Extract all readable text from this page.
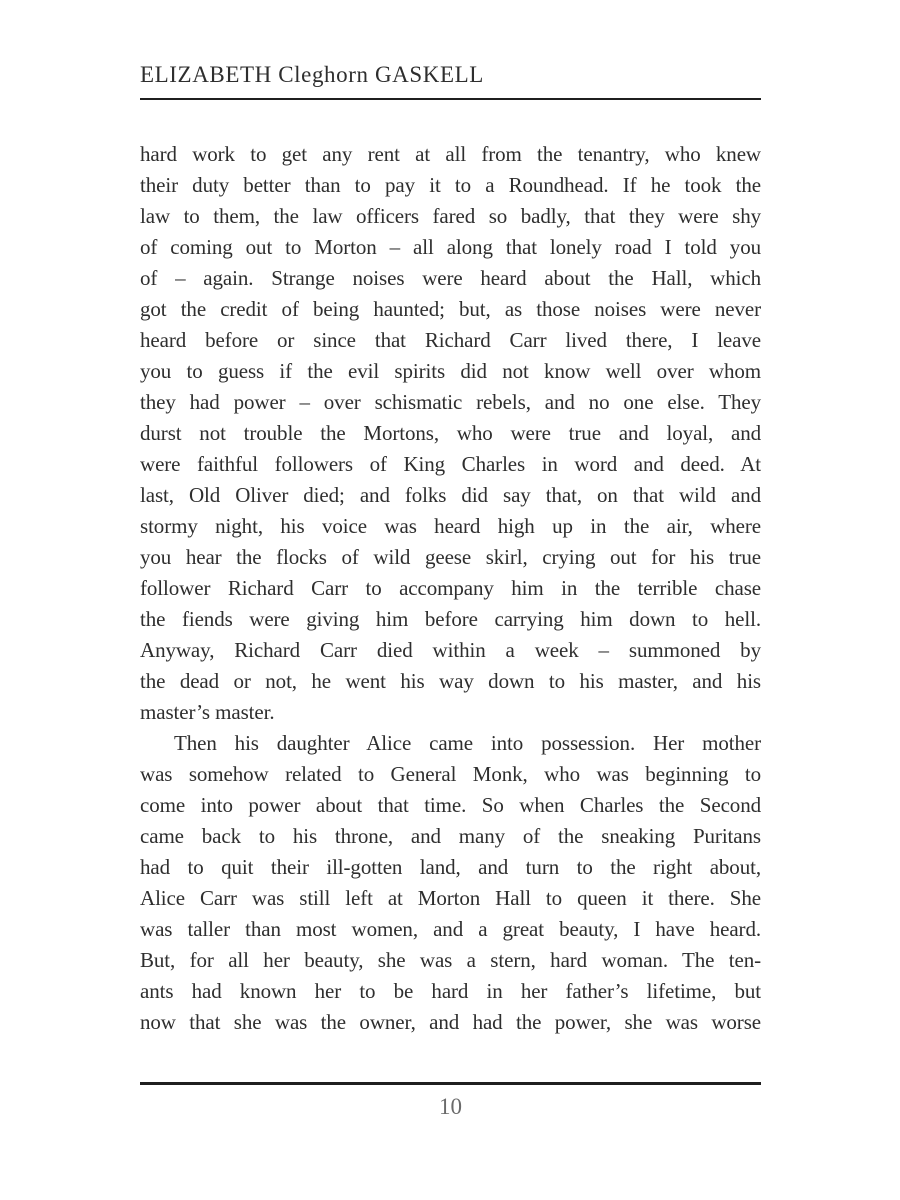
ELIZABETH Cleghorn GASKELL
hard work to get any rent at all from the tenantry, who knew
their duty better than to pay it to a Roundhead. If he took the
law to them, the law officers fared so badly, that they were shy
of coming out to Morton – all along that lonely road I told you
of – again. Strange noises were heard about the Hall, which
got the credit of being haunted; but, as those noises were never
heard before or since that Richard Carr lived there, I leave
you to guess if the evil spirits did not know well over whom
they had power – over schismatic rebels, and no one else. They
durst not trouble the Mortons, who were true and loyal, and
were faithful followers of King Charles in word and deed. At
last, Old Oliver died; and folks did say that, on that wild and
stormy night, his voice was heard high up in the air, where
you hear the flocks of wild geese skirl, crying out for his true
follower Richard Carr to accompany him in the terrible chase
the fiends were giving him before carrying him down to hell.
Anyway, Richard Carr died within a week – summoned by
the dead or not, he went his way down to his master, and his
master’s master.
Then his daughter Alice came into possession. Her mother
was somehow related to General Monk, who was beginning to
come into power about that time. So when Charles the Second
came back to his throne, and many of the sneaking Puritans
had to quit their ill-gotten land, and turn to the right about,
Alice Carr was still left at Morton Hall to queen it there. She
was taller than most women, and a great beauty, I have heard.
But, for all her beauty, she was a stern, hard woman. The ten-
ants had known her to be hard in her father’s lifetime, but
now that she was the owner, and had the power, she was worse
10
